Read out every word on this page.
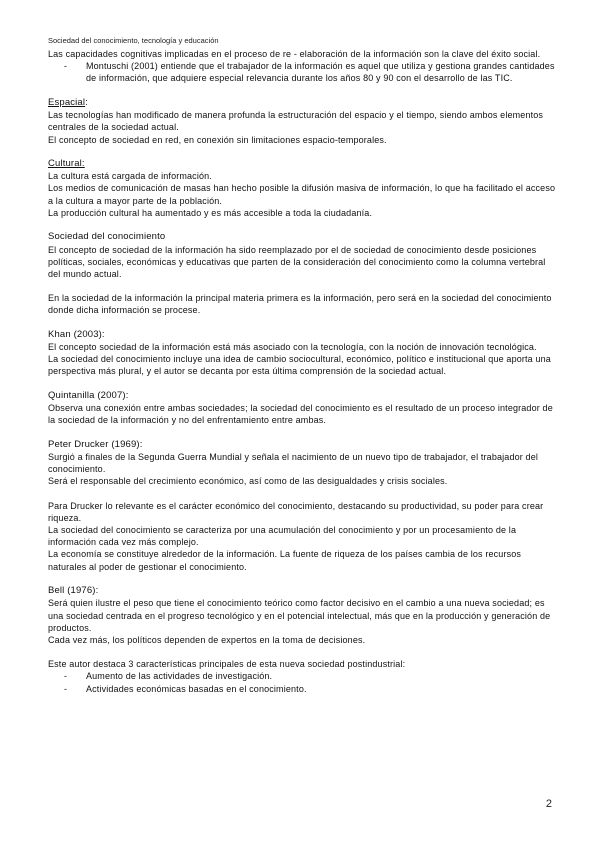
Sociedad del conocimiento, tecnología y educación

Las capacidades cognitivas implicadas en el proceso de re - elaboración de la información son la clave del éxito social.

- Montuschi (2001) entiende que el trabajador de la información es aquel que utiliza y gestiona grandes cantidades de información, que adquiere especial relevancia durante los años 80 y 90 con el desarrollo de las TIC.

Espacial:

Las tecnologías han modificado de manera profunda la estructuración del espacio y el tiempo, siendo ambos elementos centrales de la sociedad actual.

El concepto de sociedad en red, en conexión sin limitaciones espacio-temporales.

Cultural:

La cultura está cargada de información.

Los medios de comunicación de masas han hecho posible la difusión masiva de información, lo que ha facilitado el acceso a la cultura a mayor parte de la población.

La producción cultural ha aumentado y es más accesible a toda la ciudadanía.

Sociedad del conocimiento

El concepto de sociedad de la información ha sido reemplazado por el de sociedad de conocimiento desde posiciones políticas, sociales, económicas y educativas que parten de la consideración del conocimiento como la columna vertebral del mundo actual.

En la sociedad de la información la principal materia primera es la información, pero será en la sociedad del conocimiento donde dicha información se procese.

Khan (2003):

El concepto sociedad de la información está más asociado con la tecnología, con la noción de innovación tecnológica.

La sociedad del conocimiento incluye una idea de cambio sociocultural, económico, político e institucional que aporta una perspectiva más plural, y el autor se decanta por esta última comprensión de la sociedad actual.

Quintanilla (2007):

Observa una conexión entre ambas sociedades; la sociedad del conocimiento es el resultado de un proceso integrador de la sociedad de la información y no del enfrentamiento entre ambas.

Peter Drucker (1969):

Surgió a finales de la Segunda Guerra Mundial y señala el nacimiento de un nuevo tipo de trabajador, el trabajador del conocimiento.

Será el responsable del crecimiento económico, así como de las desigualdades y crisis sociales.

Para Drucker lo relevante es el carácter económico del conocimiento, destacando su productividad, su poder para crear riqueza.

La sociedad del conocimiento se caracteriza por una acumulación del conocimiento y por un procesamiento de la información cada vez más complejo.

La economía se constituye alrededor de la información. La fuente de riqueza de los países cambia de los recursos naturales al poder de gestionar el conocimiento.

Bell (1976):

Será quien ilustre el peso que tiene el conocimiento teórico como factor decisivo en el cambio a una nueva sociedad; es una sociedad centrada en el progreso tecnológico y en el potencial intelectual, más que en la producción y generación de productos.

Cada vez más, los políticos dependen de expertos en la toma de decisiones.

Este autor destaca 3 características principales de esta nueva sociedad postindustrial:

- Aumento de las actividades de investigación.
- Actividades económicas basadas en el conocimiento.
2
